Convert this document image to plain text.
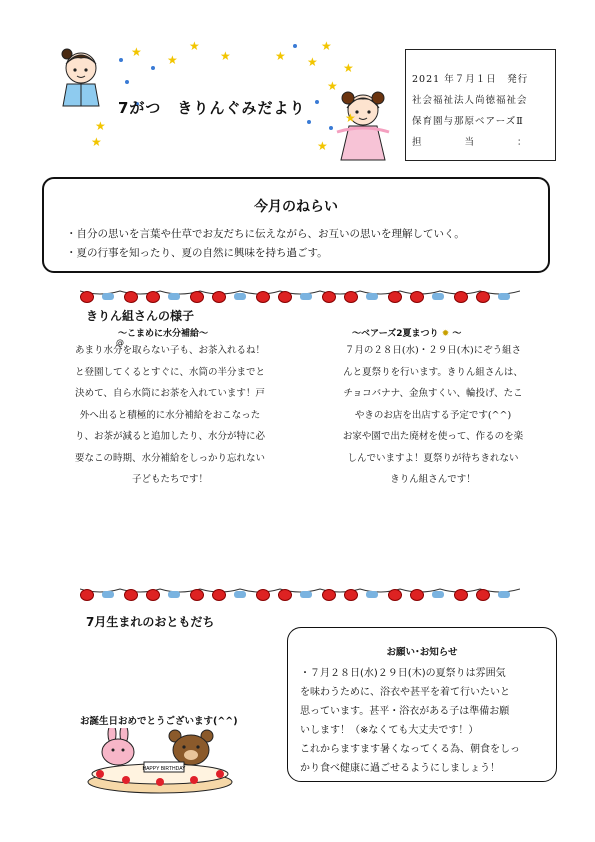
★
★
★
★	★ ★
★
★
★
★
★
★
★
7がつ　きりんぐみだより
2021 年７月１日　発行
社会福祉法人尚徳福祉会
保育園与那原ベアーズⅡ
担　　　　当　　　　：
今月のねらい
・自分の思いを言葉や仕草でお友だちに伝えながら、お互いの思いを理解していく。
・夏の行事を知ったり、夏の自然に興味を持ち過ごす。
きりん組さんの様子
～こまめに水分補給～
@
あまり水分を取らない子も、お茶入れるね！
と登園してくるとすぐに、水筒の半分までと
決めて、自ら水筒にお茶を入れています！戸
外へ出ると積極的に水分補給をおこなった
り、お茶が減ると追加したり、水分が特に必
要なこの時期、水分補給をしっかり忘れない
子どもたちです！
～ベアーズ2夏まつり ✹ ～
７月の２８日(水)・２９日(木)にぞう組さ
んと夏祭りを行います。きりん組さんは、
チョコバナナ、金魚すくい、輪投げ、たこ
やきのお店を出店する予定です(^^)
お家や園で出た廃材を使って、作るのを楽
しんでいますよ！夏祭りが待ちきれない
きりん組さんです！
7月生まれのおともだち
お誕生日おめでとうございます(^^)
HAPPY BIRTHDAY
お願い･お知らせ
・７月２８日(水)２９日(木)の夏祭りは雰囲気
を味わうために、浴衣や甚平を着て行いたいと
思っています。甚平・浴衣がある子は準備お願
いします！（※なくても大丈夫です！）
これからますます暑くなってくる為、朝食をしっ
かり食べ健康に過ごせるようにしましょう！
